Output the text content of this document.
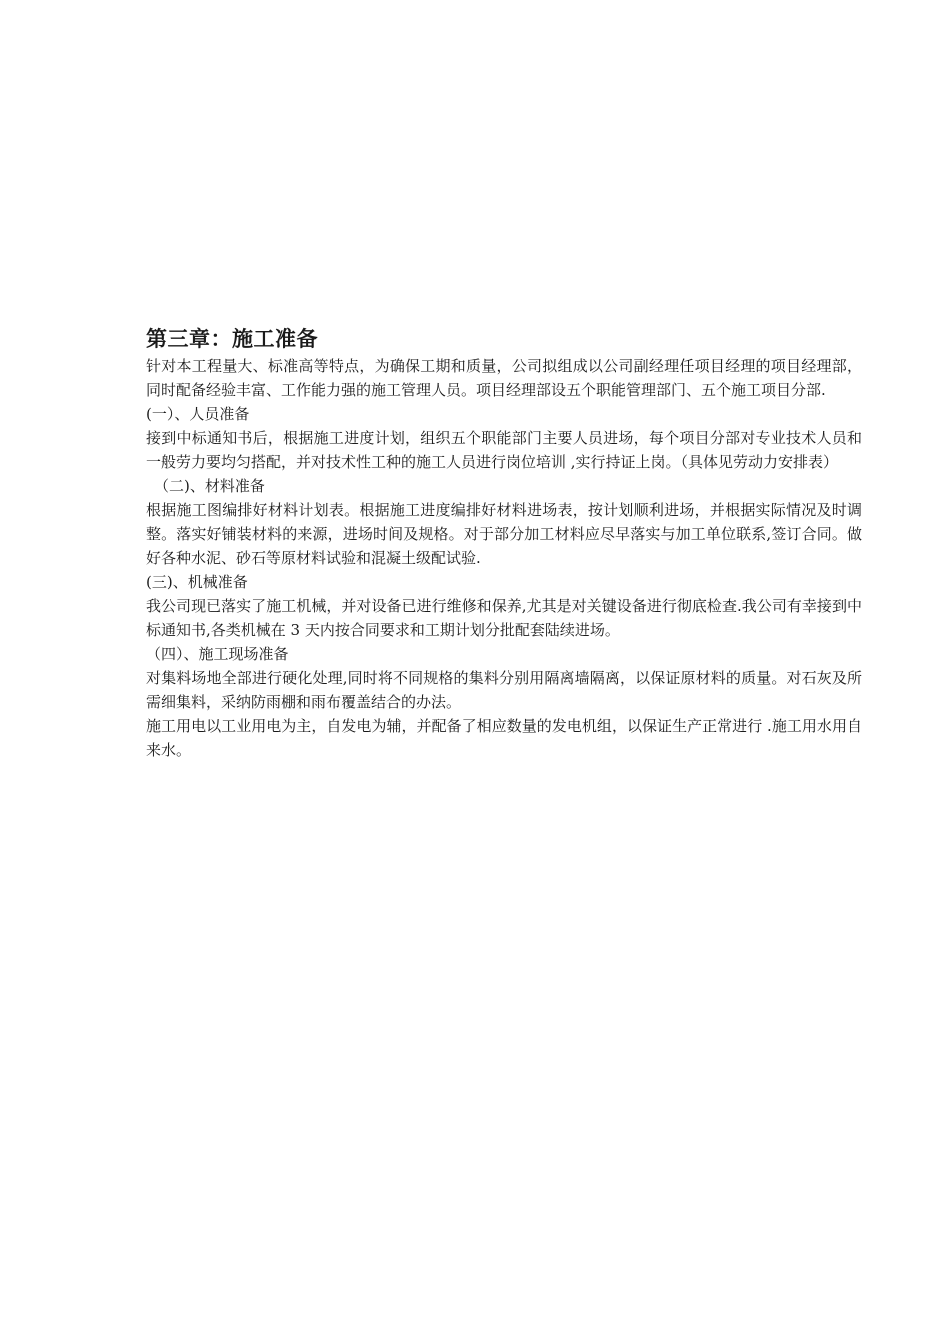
第三章：施工准备

针对本工程量大、标准高等特点，为确保工期和质量，公司拟组成以公司副经理任项目经理的项目经理部，同时配备经验丰富、工作能力强的施工管理人员。项目经理部设五个职能管理部门、五个施工项目分部.

(一）、人员准备

接到中标通知书后，根据施工进度计划，组织五个职能部门主要人员进场，每个项目分部对专业技术人员和一般劳力要均匀搭配，并对技术性工种的施工人员进行岗位培训 ,实行持证上岗。（具体见劳动力安排表）

（二)、材料准备

根据施工图编排好材料计划表。根据施工进度编排好材料进场表，按计划顺利进场，并根据实际情况及时调整。落实好铺装材料的来源，进场时间及规格。对于部分加工材料应尽早落实与加工单位联系,签订合同。做好各种水泥、砂石等原材料试验和混凝土级配试验.

(三)、机械准备

我公司现已落实了施工机械，并对设备已进行维修和保养,尤其是对关键设备进行彻底检查.我公司有幸接到中标通知书,各类机械在 3 天内按合同要求和工期计划分批配套陆续进场。

（四）、施工现场准备

对集料场地全部进行硬化处理,同时将不同规格的集料分别用隔离墙隔离，以保证原材料的质量。对石灰及所需细集料，采纳防雨棚和雨布覆盖结合的办法。

施工用电以工业用电为主，自发电为辅，并配备了相应数量的发电机组，以保证生产正常进行 .施工用水用自来水。
